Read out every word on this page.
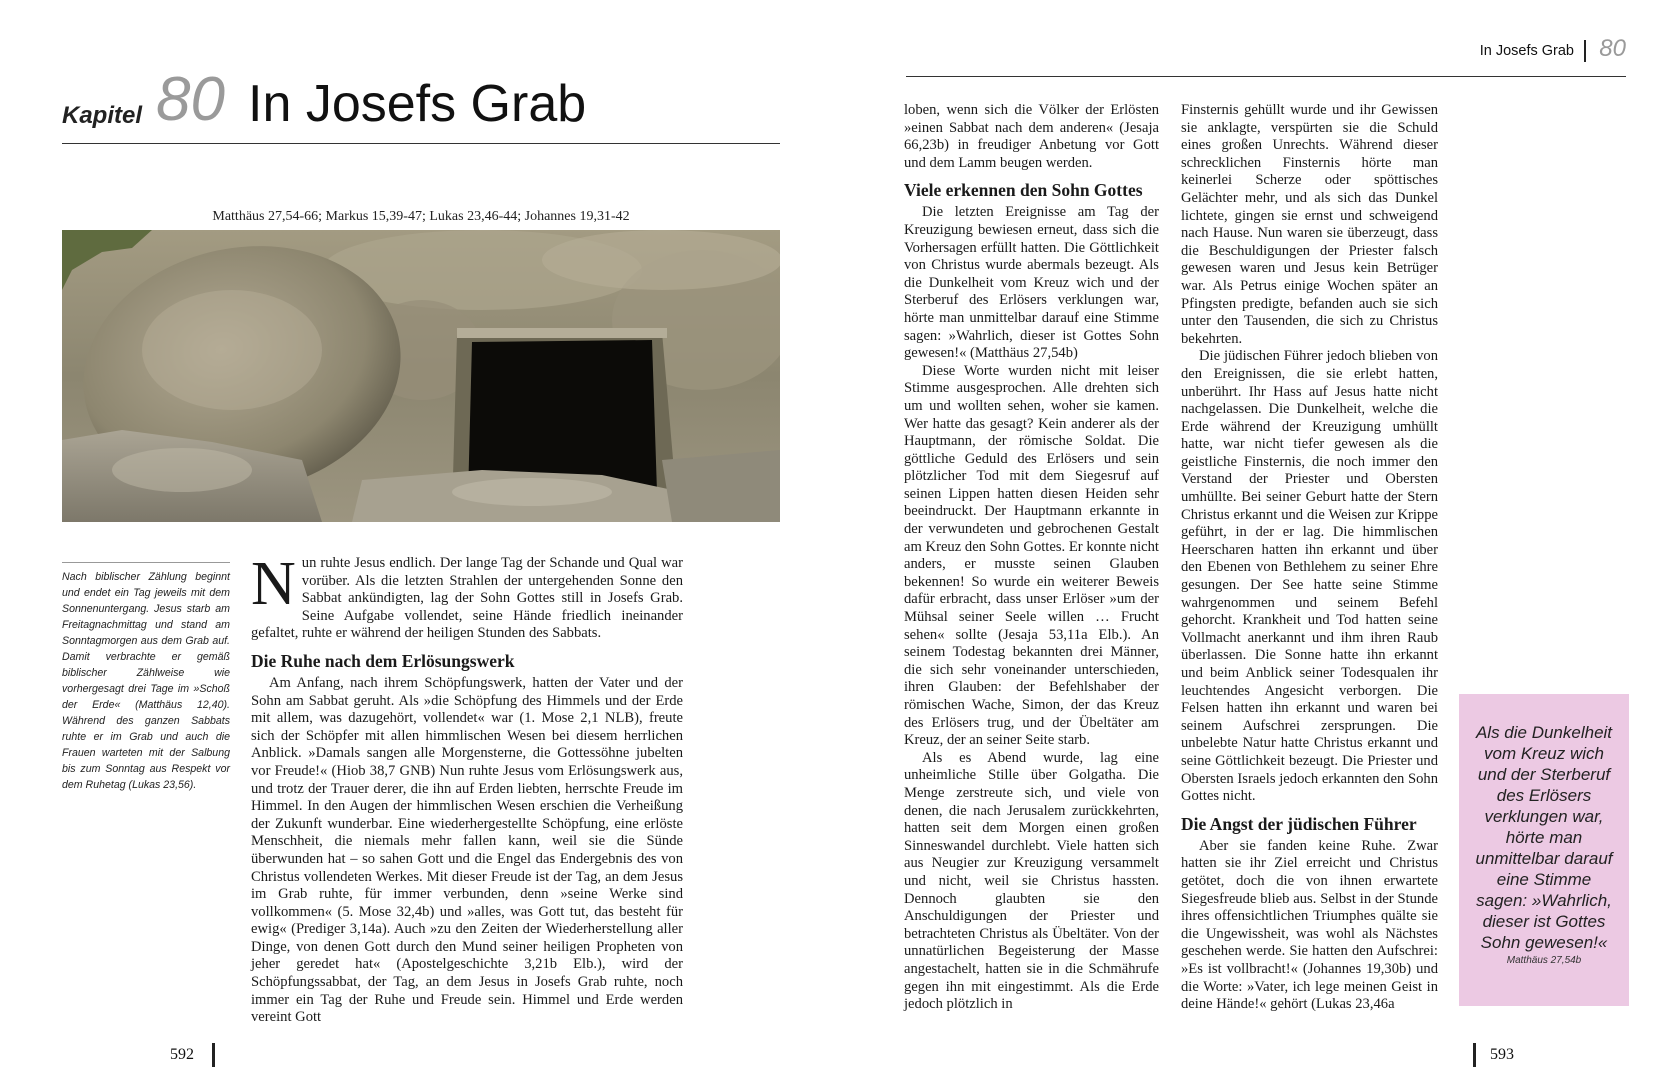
Kapitel 80 In Josefs Grab
Matthäus 27,54-66; Markus 15,39-47; Lukas 23,46-44; Johannes 19,31-42
Nach biblischer Zählung beginnt und endet ein Tag jeweils mit dem Sonnenuntergang. Jesus starb am Freitagnachmittag und stand am Sonntagmorgen aus dem Grab auf. Damit verbrachte er gemäß biblischer Zählweise wie vorhergesagt drei Tage im »Schoß der Erde« (Matthäus 12,40). Während des ganzen Sabbats ruhte er im Grab und auch die Frauen warteten mit der Salbung bis zum Sonntag aus Respekt vor dem Ruhetag (Lukas 23,56).

Nun ruhte Jesus endlich. Der lange Tag der Schande und Qual war vorüber. Als die letzten Strahlen der untergehenden Sonne den Sabbat ankündigten, lag der Sohn Gottes still in Josefs Grab. Seine Aufgabe vollendet, seine Hände friedlich ineinander gefaltet, ruhte er während der heiligen Stunden des Sabbats.

Die Ruhe nach dem Erlösungswerk

Am Anfang, nach ihrem Schöpfungswerk, hatten der Vater und der Sohn am Sabbat geruht. Als »die Schöpfung des Himmels und der Erde mit allem, was dazugehört, vollendet« war (1. Mose 2,1 NLB), freute sich der Schöpfer mit allen himmlischen Wesen bei diesem herrlichen Anblick. »Damals sangen alle Morgensterne, die Gottessöhne jubelten vor Freude!« (Hiob 38,7 GNB) Nun ruhte Jesus vom Erlösungswerk aus, und trotz der Trauer derer, die ihn auf Erden liebten, herrschte Freude im Himmel. In den Augen der himmlischen Wesen erschien die Verheißung der Zukunft wunderbar. Eine wiederhergestellte Schöpfung, eine erlöste Menschheit, die niemals mehr fallen kann, weil sie die Sünde überwunden hat – so sahen Gott und die Engel das Endergebnis des von Christus vollendeten Werkes. Mit dieser Freude ist der Tag, an dem Jesus im Grab ruhte, für immer verbunden, denn »seine Werke sind vollkommen« (5. Mose 32,4b) und »alles, was Gott tut, das besteht für ewig« (Prediger 3,14a). Auch »zu den Zeiten der Wiederherstellung aller Dinge, von denen Gott durch den Mund seiner heiligen Propheten von jeher geredet hat« (Apostelgeschichte 3,21b Elb.), wird der Schöpfungssabbat, der Tag, an dem Jesus in Josefs Grab ruhte, noch immer ein Tag der Ruhe und Freude sein. Himmel und Erde werden vereint Gott

592
In Josefs Grab 80

loben, wenn sich die Völker der Erlösten »einen Sabbat nach dem anderen« (Jesaja 66,23b) in freudiger Anbetung vor Gott und dem Lamm beugen werden.

Viele erkennen den Sohn Gottes

Die letzten Ereignisse am Tag der Kreuzigung bewiesen erneut, dass sich die Vorhersagen erfüllt hatten. Die Göttlichkeit von Christus wurde abermals bezeugt. Als die Dunkelheit vom Kreuz wich und der Sterberuf des Erlösers verklungen war, hörte man unmittelbar darauf eine Stimme sagen: »Wahrlich, dieser ist Gottes Sohn gewesen!« (Matthäus 27,54b)

Diese Worte wurden nicht mit leiser Stimme ausgesprochen. Alle drehten sich um und wollten sehen, woher sie kamen. Wer hatte das gesagt? Kein anderer als der Hauptmann, der römische Soldat. Die göttliche Geduld des Erlösers und sein plötzlicher Tod mit dem Siegesruf auf seinen Lippen hatten diesen Heiden sehr beeindruckt. Der Hauptmann erkannte in der verwundeten und gebrochenen Gestalt am Kreuz den Sohn Gottes. Er konnte nicht anders, er musste seinen Glauben bekennen! So wurde ein weiterer Beweis dafür erbracht, dass unser Erlöser »um der Mühsal seiner Seele willen … Frucht sehen« sollte (Jesaja 53,11a Elb.). An seinem Todestag bekannten drei Männer, die sich sehr voneinander unterschieden, ihren Glauben: der Befehlshaber der römischen Wache, Simon, der das Kreuz des Erlösers trug, und der Übeltäter am Kreuz, der an seiner Seite starb.

Als es Abend wurde, lag eine unheimliche Stille über Golgatha. Die Menge zerstreute sich, und viele von denen, die nach Jerusalem zurückkehrten, hatten seit dem Morgen einen großen Sinneswandel durchlebt. Viele hatten sich aus Neugier zur Kreuzigung versammelt und nicht, weil sie Christus hassten. Dennoch glaubten sie den Anschuldigungen der Priester und betrachteten Christus als Übeltäter. Von der unnatürlichen Begeisterung der Masse angestachelt, hatten sie in die Schmährufe gegen ihn mit eingestimmt. Als die Erde jedoch plötzlich in

Finsternis gehüllt wurde und ihr Gewissen sie anklagte, verspürten sie die Schuld eines großen Unrechts. Während dieser schrecklichen Finsternis hörte man keinerlei Scherze oder spöttisches Gelächter mehr, und als sich das Dunkel lichtete, gingen sie ernst und schweigend nach Hause. Nun waren sie überzeugt, dass die Beschuldigungen der Priester falsch gewesen waren und Jesus kein Betrüger war. Als Petrus einige Wochen später an Pfingsten predigte, befanden auch sie sich unter den Tausenden, die sich zu Christus bekehrten.

Die jüdischen Führer jedoch blieben von den Ereignissen, die sie erlebt hatten, unberührt. Ihr Hass auf Jesus hatte nicht nachgelassen. Die Dunkelheit, welche die Erde während der Kreuzigung umhüllt hatte, war nicht tiefer gewesen als die geistliche Finsternis, die noch immer den Verstand der Priester und Obersten umhüllte. Bei seiner Geburt hatte der Stern Christus erkannt und die Weisen zur Krippe geführt, in der er lag. Die himmlischen Heerscharen hatten ihn erkannt und über den Ebenen von Bethlehem zu seiner Ehre gesungen. Der See hatte seine Stimme wahrgenommen und seinem Befehl gehorcht. Krankheit und Tod hatten seine Vollmacht anerkannt und ihm ihren Raub überlassen. Die Sonne hatte ihn erkannt und beim Anblick seiner Todesqualen ihr leuchtendes Angesicht verborgen. Die Felsen hatten ihn erkannt und waren bei seinem Aufschrei zersprungen. Die unbelebte Natur hatte Christus erkannt und seine Göttlichkeit bezeugt. Die Priester und Obersten Israels jedoch erkannten den Sohn Gottes nicht.

Die Angst der jüdischen Führer

Aber sie fanden keine Ruhe. Zwar hatten sie ihr Ziel erreicht und Christus getötet, doch die von ihnen erwartete Siegesfreude blieb aus. Selbst in der Stunde ihres offensichtlichen Triumphes quälte sie die Ungewissheit, was wohl als Nächstes geschehen werde. Sie hatten den Aufschrei: »Es ist vollbracht!« (Johannes 19,30b) und die Worte: »Vater, ich lege meinen Geist in deine Hände!« gehört (Lukas 23,46a

Als die Dunkelheit vom Kreuz wich und der Sterberuf des Erlösers verklungen war, hörte man unmittelbar darauf eine Stimme sagen: »Wahrlich, dieser ist Gottes Sohn gewesen!«
Matthäus 27,54b
593
